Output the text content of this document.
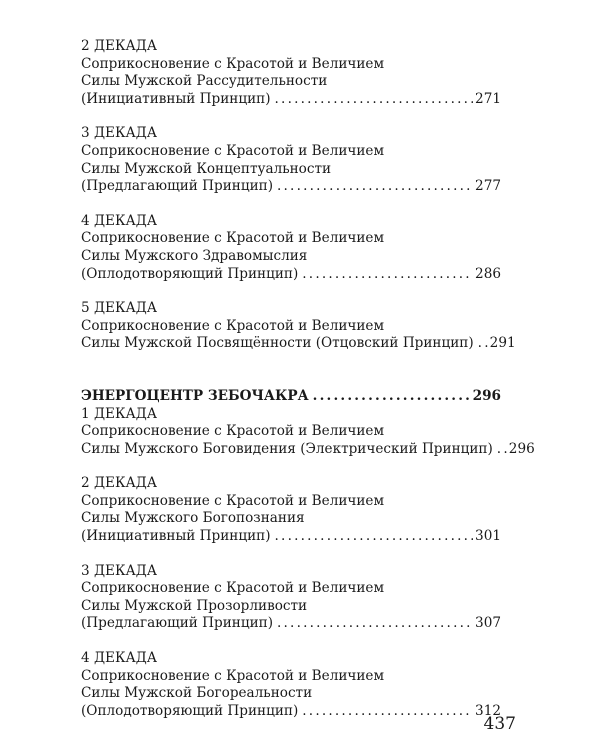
2 ДЕКАДА
Соприкосновение с Красотой и Величием
Силы Мужской Рассудительности
(Инициативный Принцип) .....	271
3 ДЕКАДА
Соприкосновение с Красотой и Величием
Силы Мужской Концептуальности
(Предлагающий Принцип) .....	277
4 ДЕКАДА
Соприкосновение с Красотой и Величием
Силы Мужского Здравомыслия
(Оплодотворяющий Принцип) .....	286
5 ДЕКАДА
Соприкосновение с Красотой и Величием
Силы Мужской Посвящённости (Отцовский Принцип) ..... 291
ЭНЕРГОЦЕНТР ЗЕБОЧАКРА .....	296
1 ДЕКАДА
Соприкосновение с Красотой и Величием
Силы Мужского Боговидения (Электрический Принцип) ..... 296
2 ДЕКАДА
Соприкосновение с Красотой и Величием
Силы Мужского Богопознания
(Инициативный Принцип) .....	301
3 ДЕКАДА
Соприкосновение с Красотой и Величием
Силы Мужской Прозорливости
(Предлагающий Принцип) .....	307
4 ДЕКАДА
Соприкосновение с Красотой и Величием
Силы Мужской Богореальности
(Оплодотворяющий Принцип) .....	312
437
